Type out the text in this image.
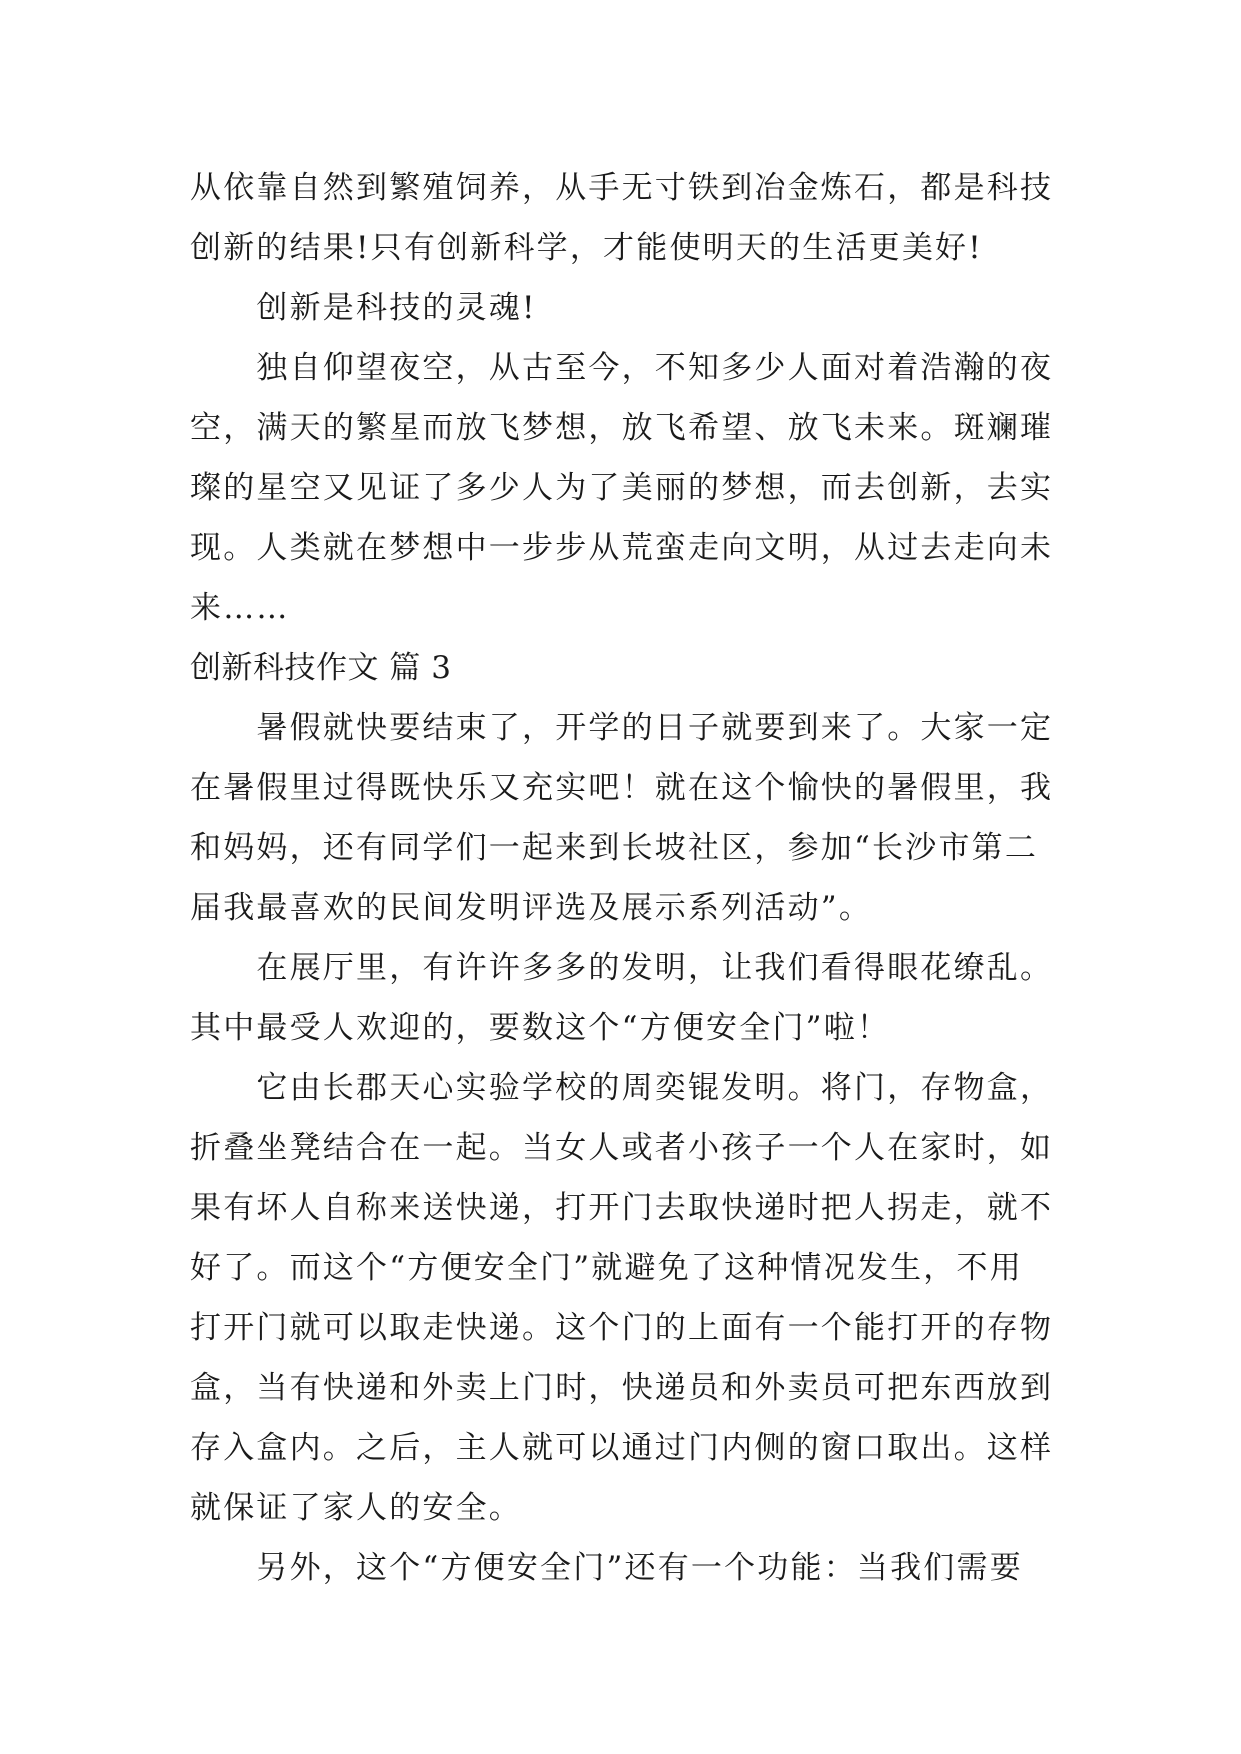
从依靠自然到繁殖饲养，从手无寸铁到冶金炼石，都是科技
创新的结果!只有创新科学，才能使明天的生活更美好!
　　创新是科技的灵魂!
　　独自仰望夜空，从古至今，不知多少人面对着浩瀚的夜
空，满天的繁星而放飞梦想，放飞希望、放飞未来。斑斓璀
璨的星空又见证了多少人为了美丽的梦想，而去创新，去实
现。人类就在梦想中一步步从荒蛮走向文明，从过去走向未
来……
创新科技作文 篇 3
　　暑假就快要结束了，开学的日子就要到来了。大家一定
在暑假里过得既快乐又充实吧！就在这个愉快的暑假里，我
和妈妈，还有同学们一起来到长坡社区，参加“长沙市第二
届我最喜欢的民间发明评选及展示系列活动”。
　　在展厅里，有许许多多的发明，让我们看得眼花缭乱。
其中最受人欢迎的，要数这个“方便安全门”啦！
　　它由长郡天心实验学校的周奕锟发明。将门，存物盒，
折叠坐凳结合在一起。当女人或者小孩子一个人在家时，如
果有坏人自称来送快递，打开门去取快递时把人拐走，就不
好了。而这个“方便安全门”就避免了这种情况发生，不用
打开门就可以取走快递。这个门的上面有一个能打开的存物
盒，当有快递和外卖上门时，快递员和外卖员可把东西放到
存入盒内。之后，主人就可以通过门内侧的窗口取出。这样
就保证了家人的安全。
　　另外，这个“方便安全门”还有一个功能：当我们需要
